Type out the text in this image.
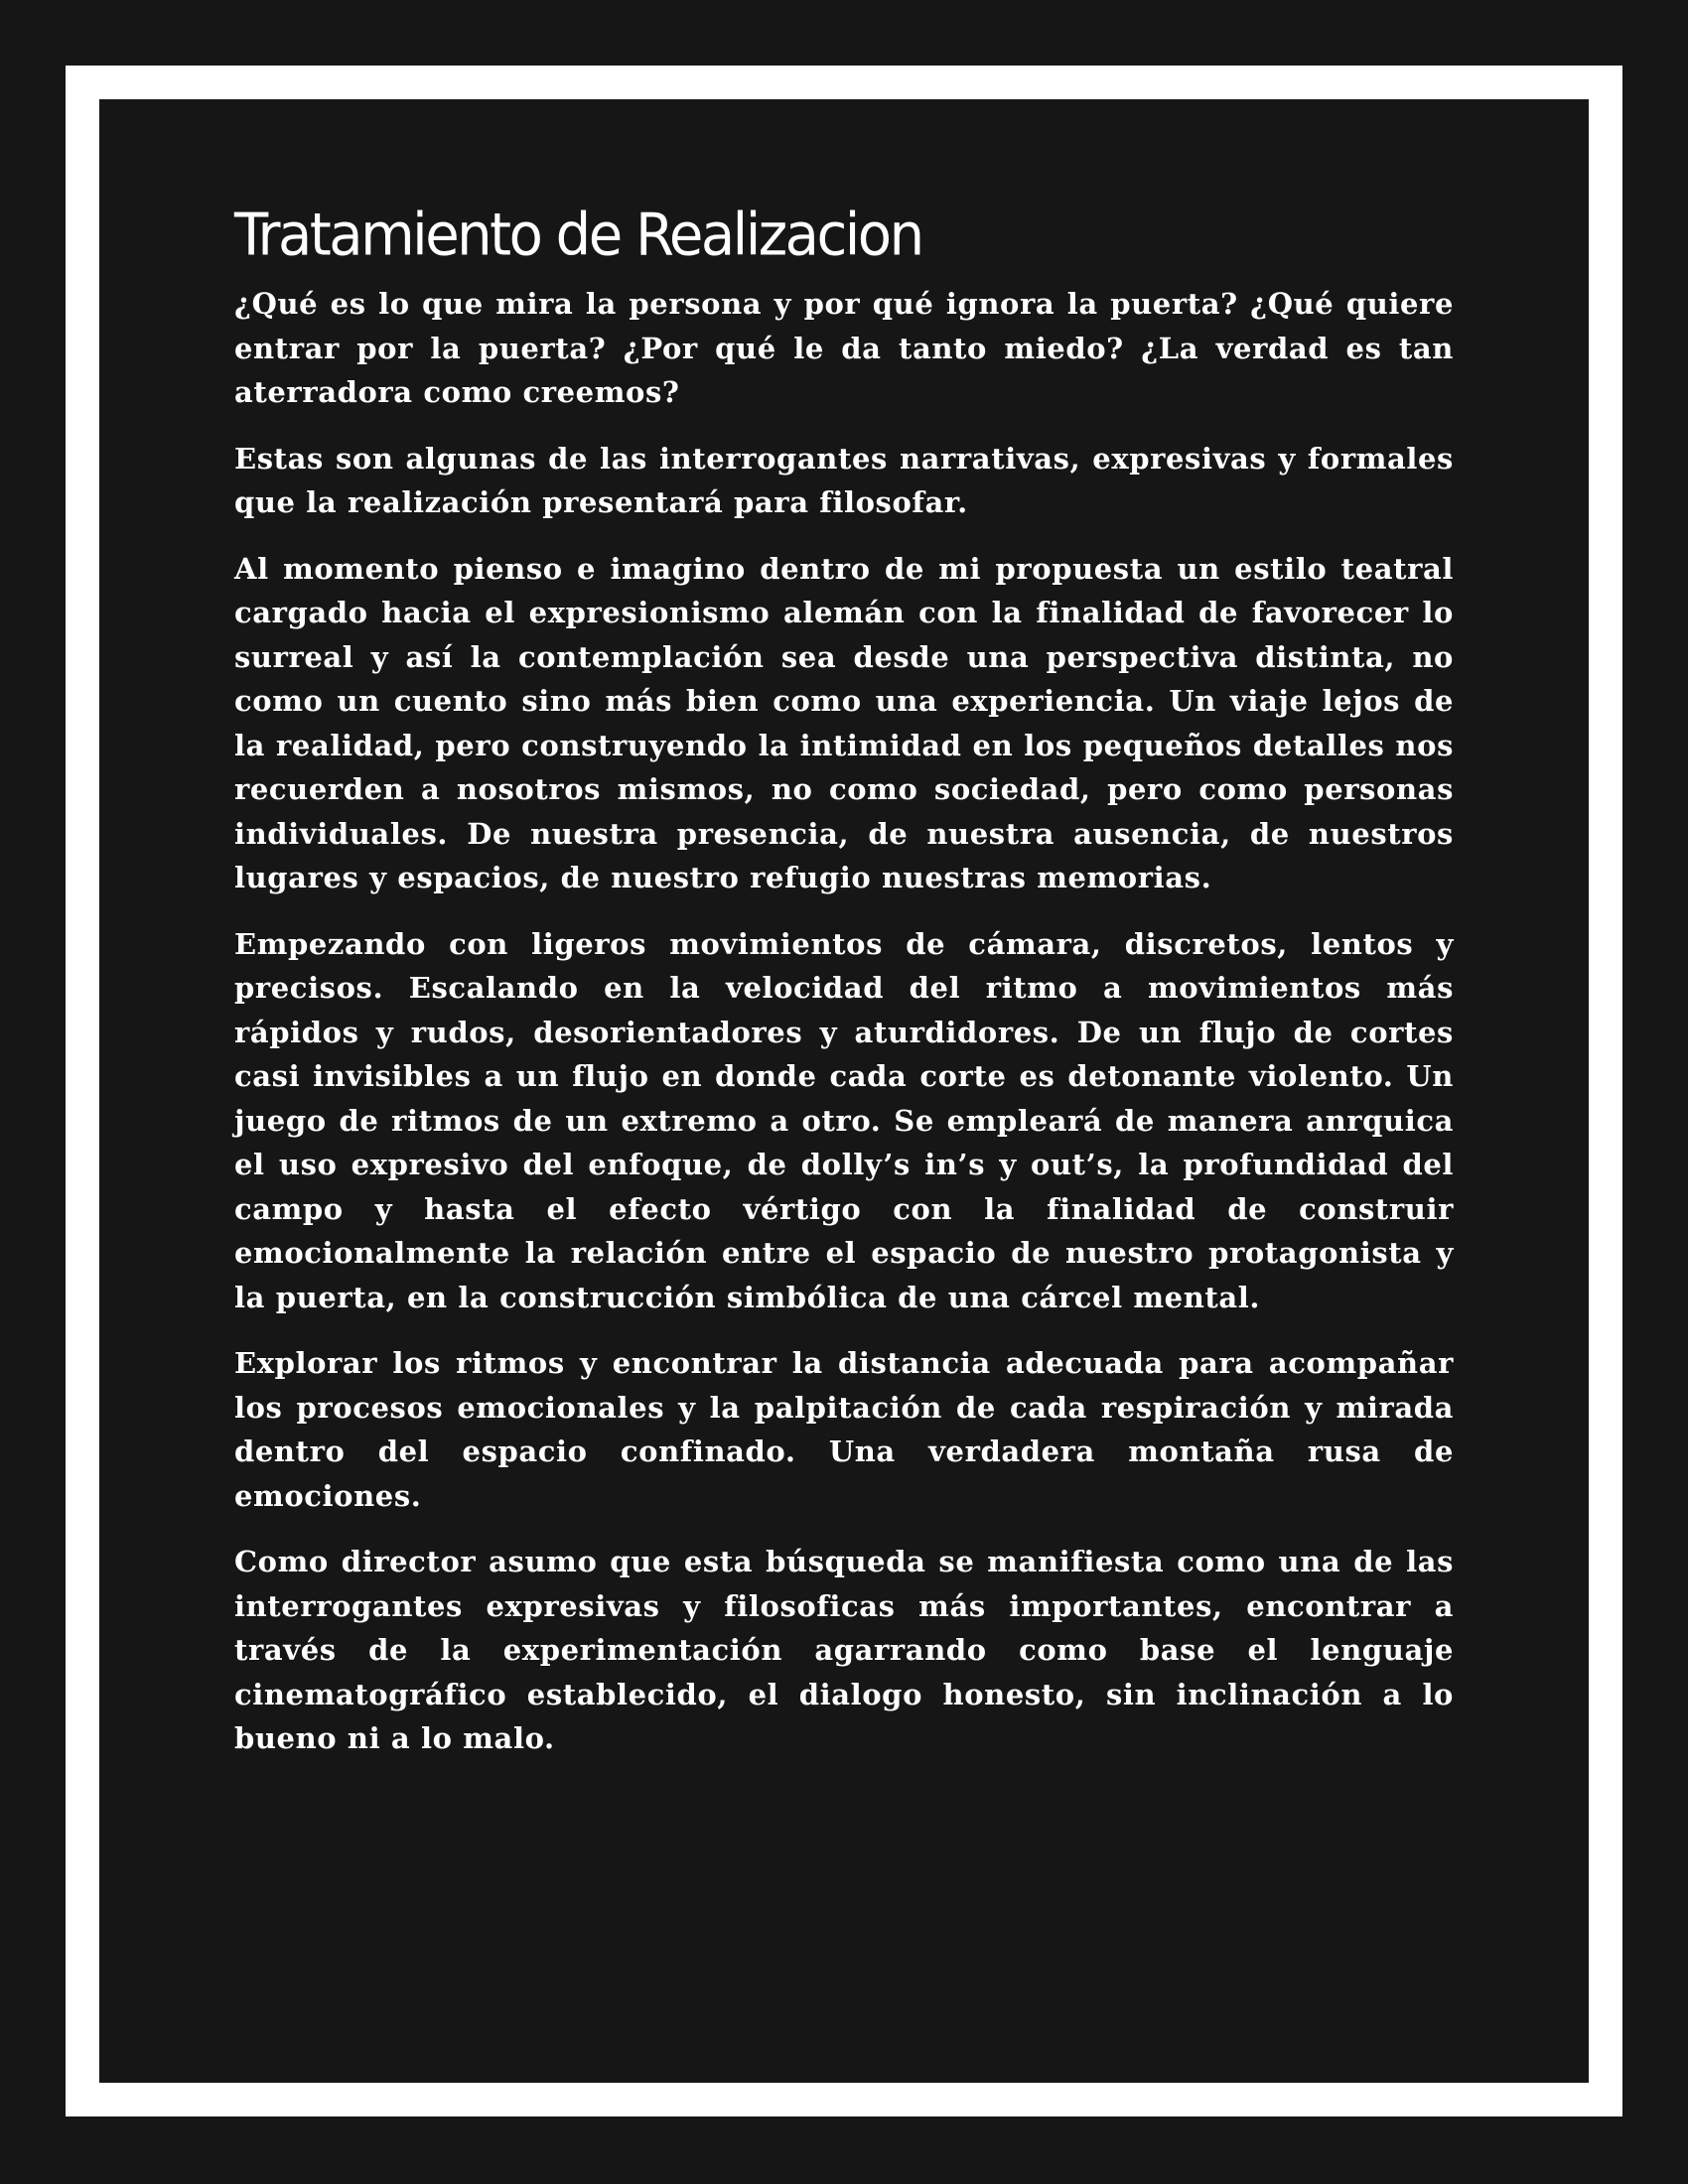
Tratamiento de Realizacion

¿Qué es lo que mira la persona y por qué ignora la puerta? ¿Qué quiere entrar por la puerta? ¿Por qué le da tanto miedo? ¿La verdad es tan aterradora como creemos?

Estas son algunas de las interrogantes narrativas, expresivas y formales que la realización presentará para filosofar.

Al momento pienso e imagino dentro de mi propuesta un estilo teatral cargado hacia el expresionismo alemán con la finalidad de favorecer lo surreal y así la contemplación sea desde una perspectiva distinta, no como un cuento sino más bien como una experiencia. Un viaje lejos de la realidad, pero construyendo la intimidad en los pequeños detalles nos recuerden a nosotros mismos, no como sociedad, pero como personas individuales. De nuestra presencia, de nuestra ausencia, de nuestros lugares y espacios, de nuestro refugio nuestras memorias.

Empezando con ligeros movimientos de cámara, discretos, lentos y precisos. Escalando en la velocidad del ritmo a movimientos más rápidos y rudos, desorientadores y aturdidores. De un flujo de cortes casi invisibles a un flujo en donde cada corte es detonante violento. Un juego de ritmos de un extremo a otro. Se empleará de manera anrquica el uso expresivo del enfoque, de dolly’s in’s y out’s, la profundidad del campo y hasta el efecto vértigo con la finalidad de construir emocionalmente la relación entre el espacio de nuestro protagonista y la puerta, en la construcción simbólica de una cárcel mental.

Explorar los ritmos y encontrar la distancia adecuada para acompañar los procesos emocionales y la palpitación de cada respiración y mirada dentro del espacio confinado. Una verdadera montaña rusa de emociones.

Como director asumo que esta búsqueda se manifiesta como una de las interrogantes expresivas y filosoficas más importantes, encontrar a través de la experimentación agarrando como base el lenguaje cinematográfico establecido, el dialogo honesto, sin inclinación a lo bueno ni a lo malo.
